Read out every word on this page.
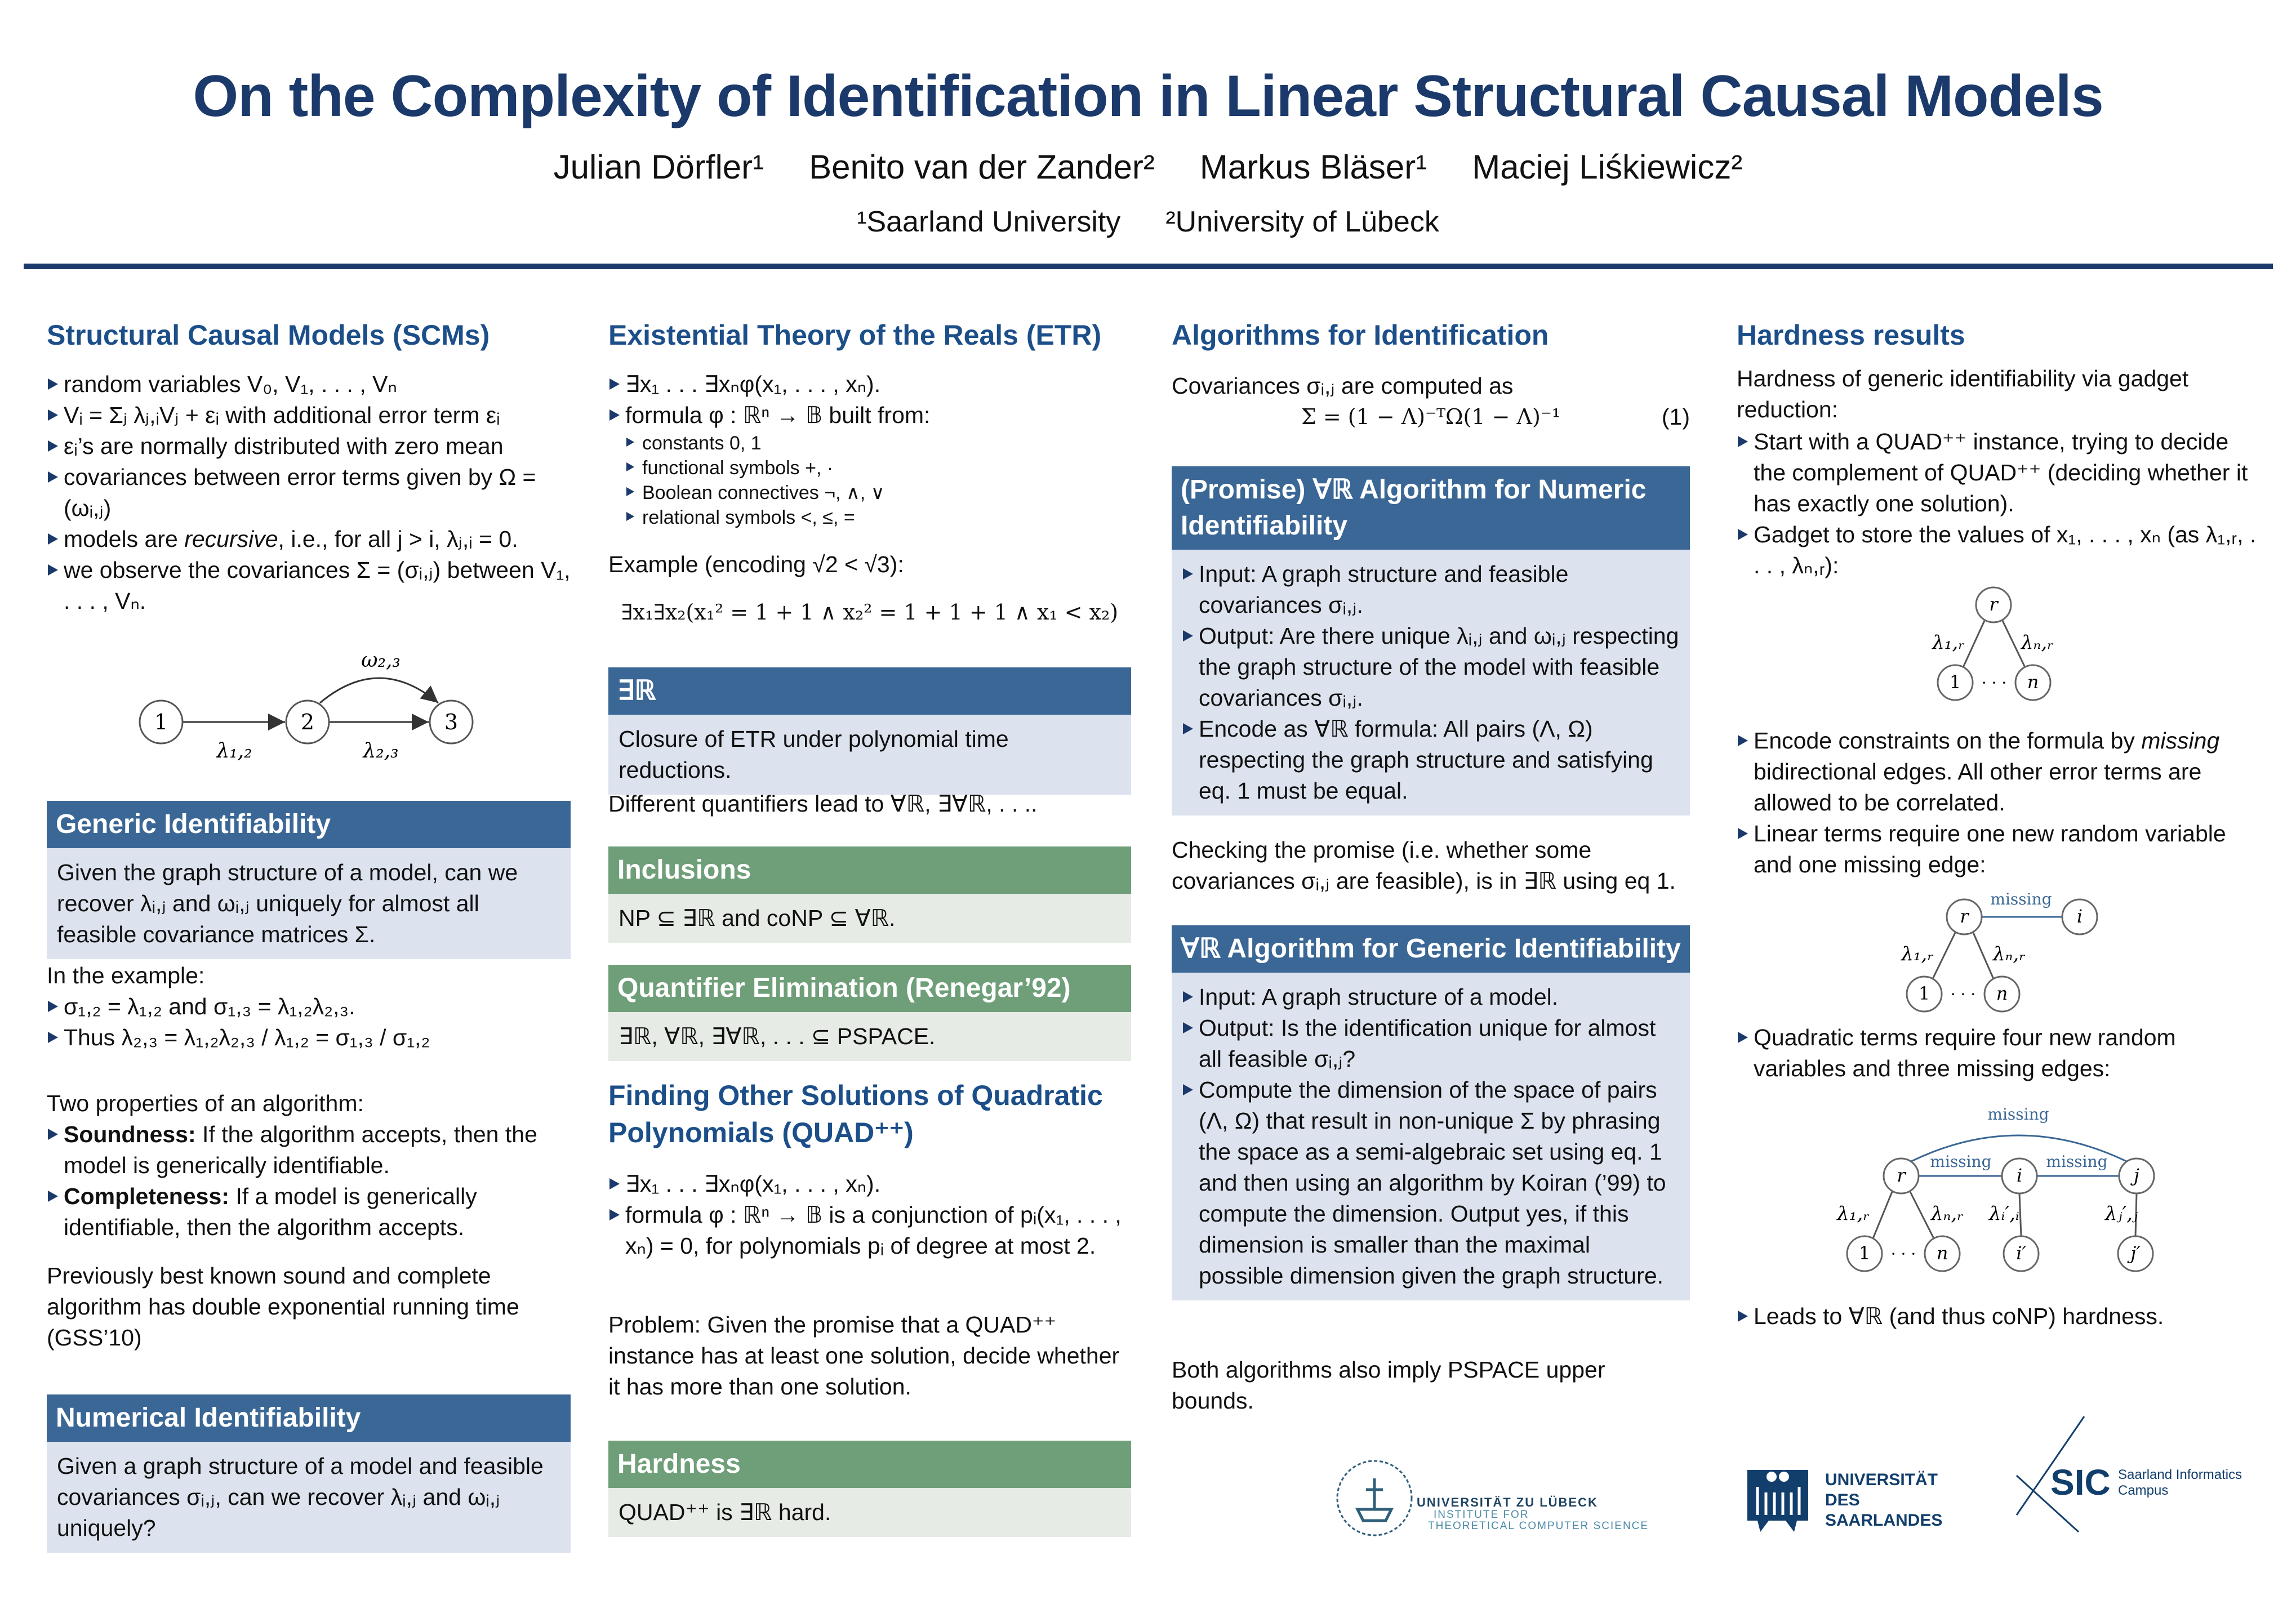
On the Complexity of Identification in Linear Structural Causal Models
Julian Dörfler¹ Benito van der Zander² Markus Bläser¹ Maciej Liśkiewicz²
¹Saarland University ²University of Lübeck
Structural Causal Models (SCMs)
random variables V₀, V₁, . . . , Vₙ
Vᵢ = Σⱼ λⱼ,ᵢVⱼ + εᵢ with additional error term εᵢ
εᵢ’s are normally distributed with zero mean
covariances between error terms given by Ω = (ωᵢ,ⱼ)
models are recursive, i.e., for all j > i, λⱼ,ᵢ = 0.
we observe the covariances Σ = (σᵢ,ⱼ) between V₁, . . . , Vₙ.
1	2	3
ω₂,₃
λ₁,₂	λ₂,₃
Generic Identifiability
Given the graph structure of a model, can we recover λᵢ,ⱼ and ωᵢ,ⱼ uniquely for almost all feasible covariance matrices Σ.
In the example:
σ₁,₂ = λ₁,₂ and σ₁,₃ = λ₁,₂λ₂,₃.
Thus λ₂,₃ = λ₁,₂λ₂,₃ / λ₁,₂ = σ₁,₃ / σ₁,₂
Two properties of an algorithm:
Soundness: If the algorithm accepts, then the model is generically identifiable.
Completeness: If a model is generically identifiable, then the algorithm accepts.
Previously best known sound and complete algorithm has double exponential running time (GSS’10)
Numerical Identifiability
Given a graph structure of a model and feasible covariances σᵢ,ⱼ, can we recover λᵢ,ⱼ and ωᵢ,ⱼ uniquely?
Existential Theory of the Reals (ETR)
∃x₁ . . . ∃xₙφ(x₁, . . . , xₙ).
formula φ : ℝⁿ → 𝔹 built from:
constants 0, 1
functional symbols +, ·
Boolean connectives ¬, ∧, ∨
relational symbols <, ≤, =
Example (encoding √2 < √3):
∃x₁∃x₂(x₁² = 1 + 1 ∧ x₂² = 1 + 1 + 1 ∧ x₁ < x₂)
∃ℝ
Closure of ETR under polynomial time reductions.
Different quantifiers lead to ∀ℝ, ∃∀ℝ, . . ..
Inclusions
NP ⊆ ∃ℝ and coNP ⊆ ∀ℝ.
Quantifier Elimination (Renegar’92)
∃ℝ, ∀ℝ, ∃∀ℝ, . . . ⊆ PSPACE.
Finding Other Solutions of Quadratic Polynomials (QUAD⁺⁺)
∃x₁ . . . ∃xₙφ(x₁, . . . , xₙ).
formula φ : ℝⁿ → 𝔹 is a conjunction of pᵢ(x₁, . . . , xₙ) = 0, for polynomials pᵢ of degree at most 2.
Problem: Given the promise that a QUAD⁺⁺ instance has at least one solution, decide whether it has more than one solution.
Hardness
QUAD⁺⁺ is ∃ℝ hard.
Algorithms for Identification
Covariances σᵢ,ⱼ are computed as
Σ = (1 − Λ)⁻ᵀΩ(1 − Λ)⁻¹	(1)
(Promise) ∀ℝ Algorithm for Numeric Identifiability
Input: A graph structure and feasible covariances σᵢ,ⱼ.
Output: Are there unique λᵢ,ⱼ and ωᵢ,ⱼ respecting the graph structure of the model with feasible covariances σᵢ,ⱼ.
Encode as ∀ℝ formula: All pairs (Λ, Ω) respecting the graph structure and satisfying eq. 1 must be equal.
Checking the promise (i.e. whether some covariances σᵢ,ⱼ are feasible), is in ∃ℝ using eq 1.
∀ℝ Algorithm for Generic Identifiability
Input: A graph structure of a model.
Output: Is the identification unique for almost all feasible σᵢ,ⱼ?
Compute the dimension of the space of pairs (Λ, Ω) that result in non-unique Σ by phrasing the space as a semi-algebraic set using eq. 1 and then using an algorithm by Koiran (’99) to compute the dimension. Output yes, if this dimension is smaller than the maximal possible dimension given the graph structure.
Both algorithms also imply PSPACE upper bounds.
Hardness results
Hardness of generic identifiability via gadget reduction:
Start with a QUAD⁺⁺ instance, trying to decide the complement of QUAD⁺⁺ (deciding whether it has exactly one solution).
Gadget to store the values of x₁, . . . , xₙ (as λ₁,ᵣ, . . . , λₙ,ᵣ):
r
1	n
· · ·
λ₁,ᵣ	λₙ,ᵣ
Encode constraints on the formula by missing bidirectional edges. All other error terms are allowed to be correlated.
Linear terms require one new random variable and one missing edge:
missing
r	i
1	n
· · ·
λ₁,ᵣ	λₙ,ᵣ
Quadratic terms require four new random variables and three missing edges:
missing
missing	missing
r	i	j
1	n	i′	j′
· · ·
λ₁,ᵣ	λₙ,ᵣ λᵢ′,ᵢ	λⱼ′,ⱼ
Leads to ∀ℝ (and thus coNP) hardness.
UNIVERSITÄT ZU LÜBECK
INSTITUTE FOR
THEORETICAL COMPUTER SCIENCE
UNIVERSITÄT
DES
SAARLANDES
SIC Saarland Informatics
Campus
